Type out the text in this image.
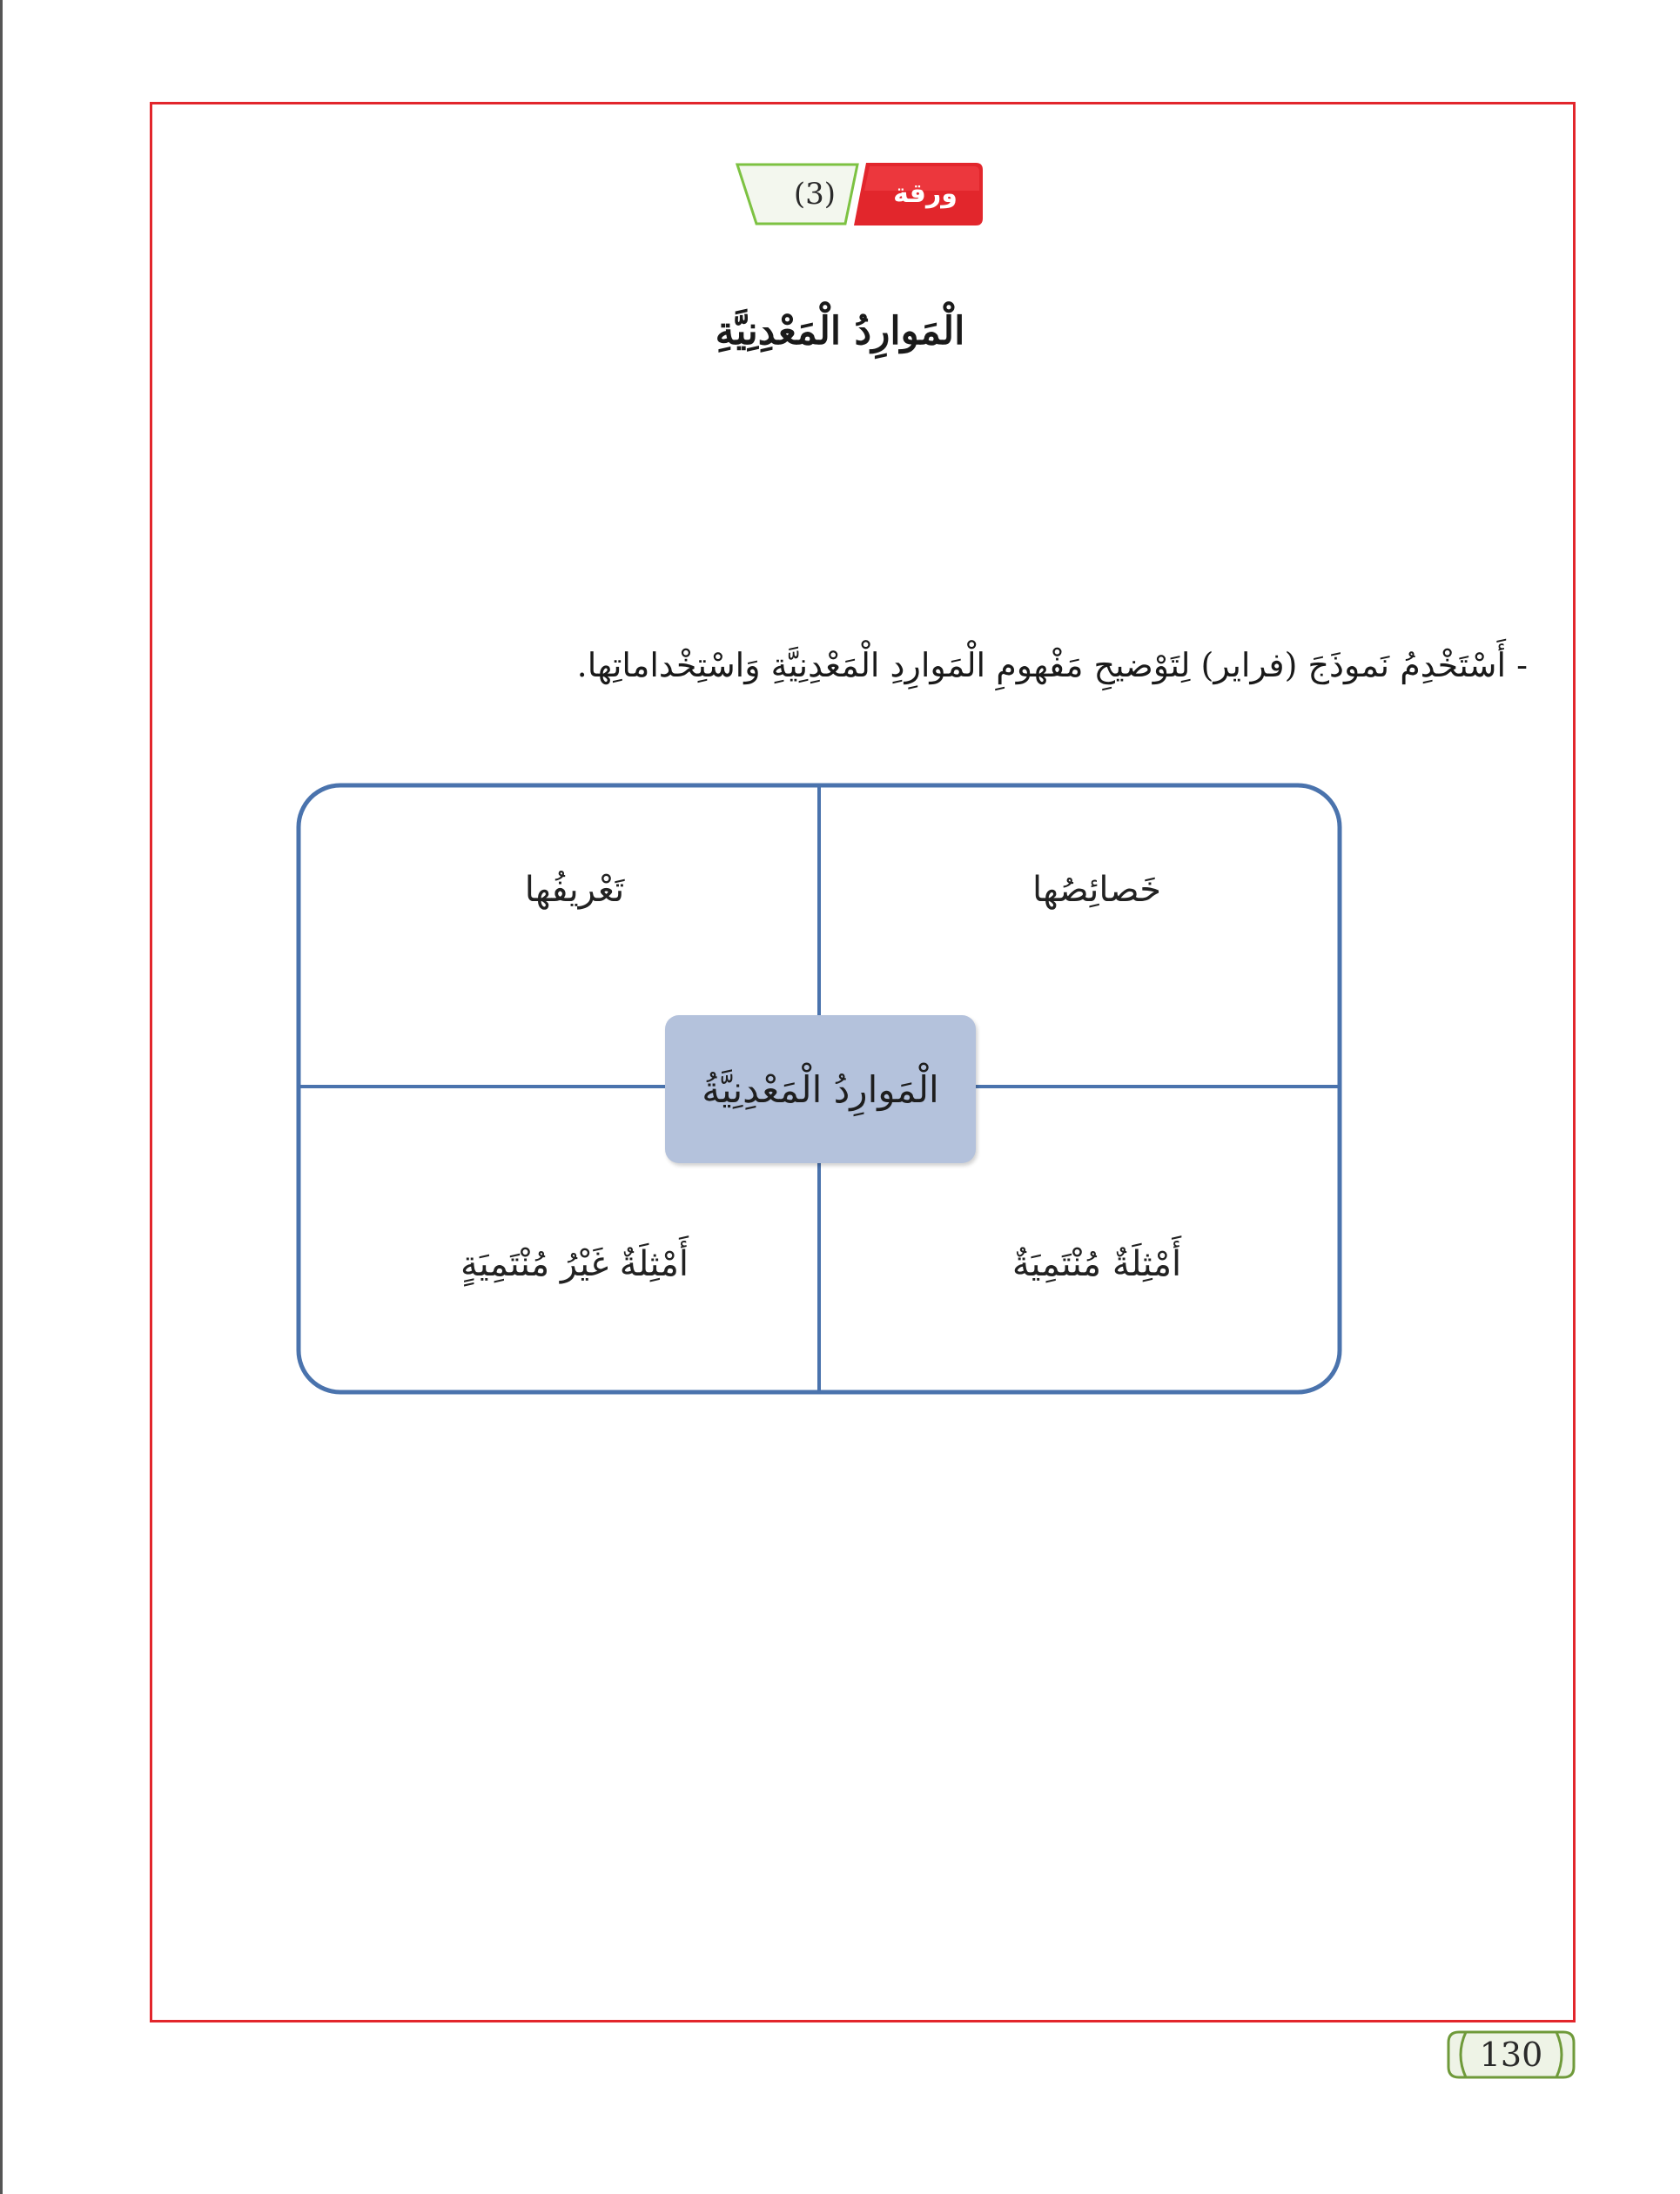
(3)	ورقة عمل
الْمَوارِدُ الْمَعْدِنِيَّةِ
- أَسْتَخْدِمُ نَموذَجَ (فراير) لِتَوْضيحِ مَفْهومِ الْمَوارِدِ الْمَعْدِنِيَّةِ وَاسْتِخْداماتِها.
خَصائِصُها
تَعْريفُها
أَمْثِلَةٌ مُنْتَمِيَةٌ
أَمْثِلَةٌ غَيْرُ مُنْتَمِيَةٍ
الْمَوارِدُ الْمَعْدِنِيَّةُ
130
